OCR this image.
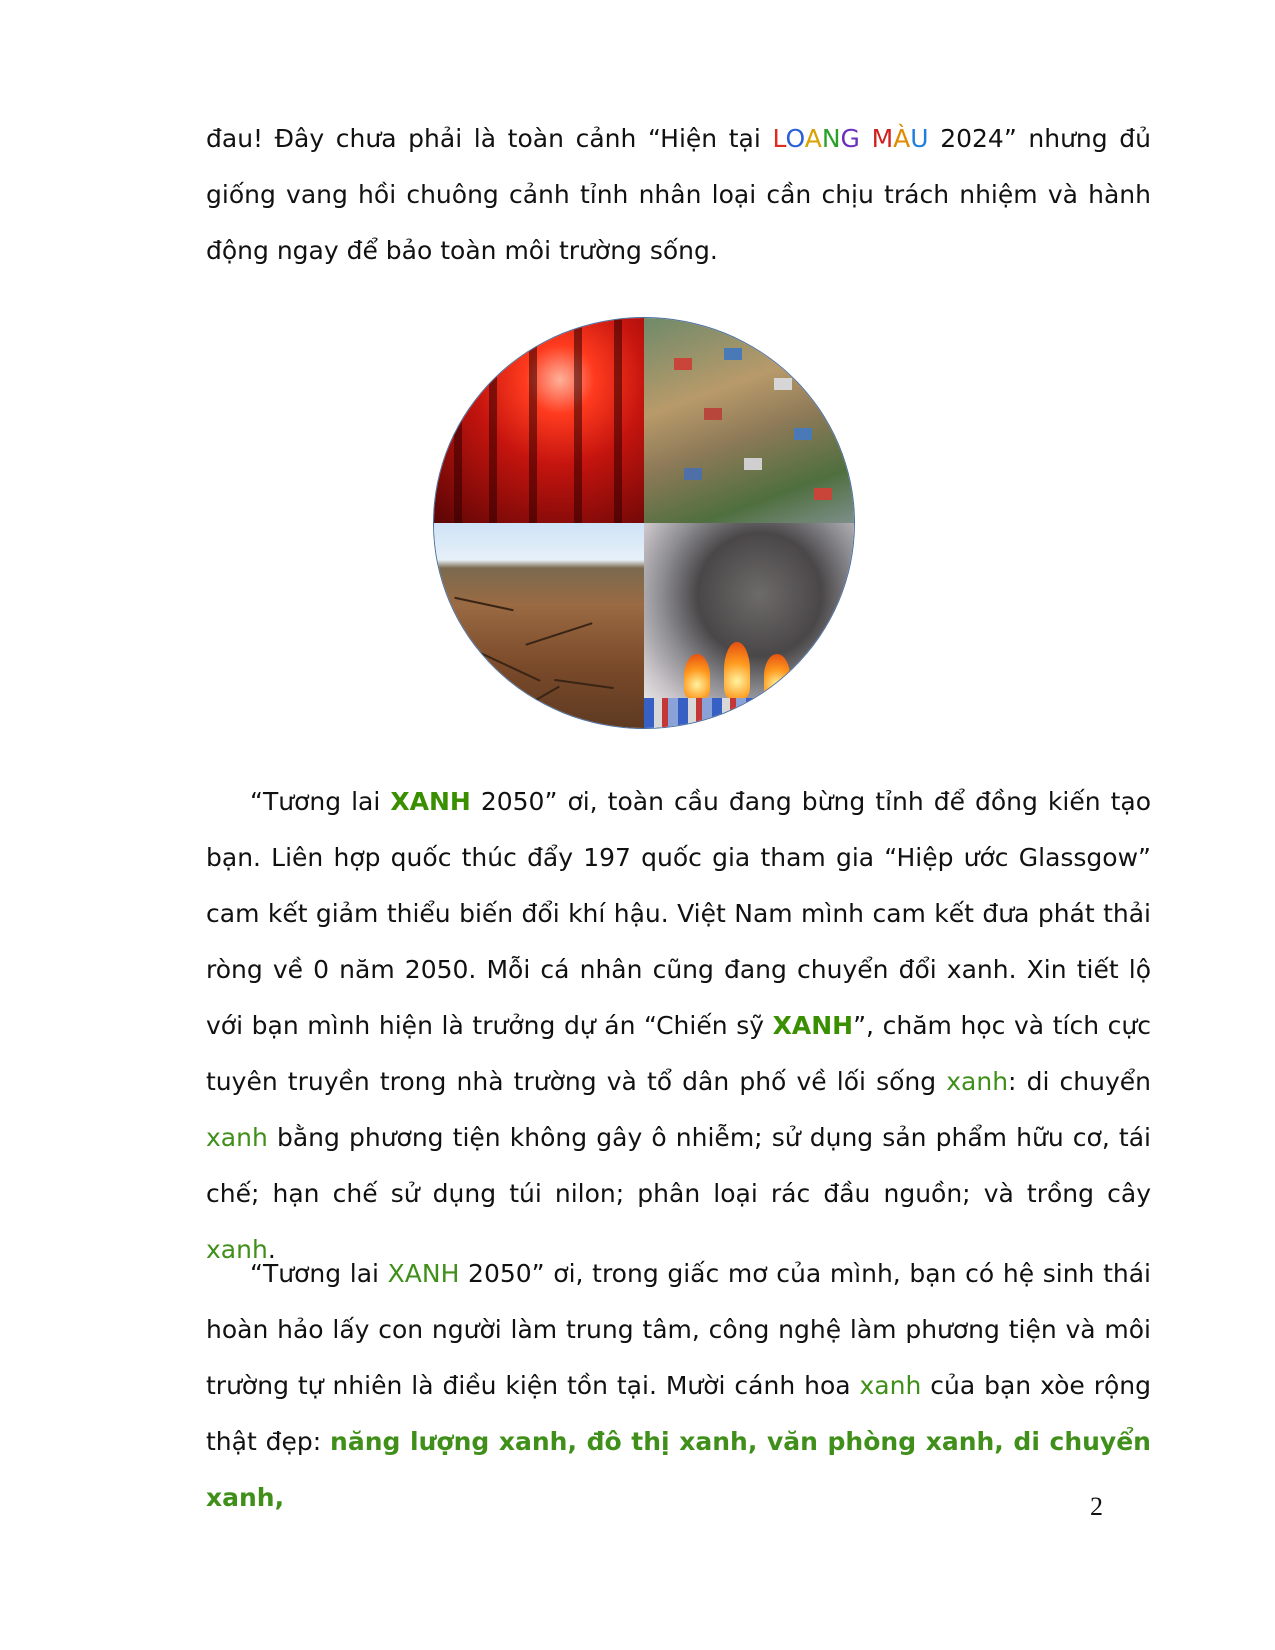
đau! Đây chưa phải là toàn cảnh “Hiện tại LOANG MÀU 2024” nhưng đủ giống vang hồi chuông cảnh tỉnh nhân loại cần chịu trách nhiệm và hành động ngay để bảo toàn môi trường sống.

“Tương lai XANH 2050” ơi, toàn cầu đang bừng tỉnh để đồng kiến tạo bạn. Liên hợp quốc thúc đẩy 197 quốc gia tham gia “Hiệp ước Glassgow” cam kết giảm thiểu biến đổi khí hậu. Việt Nam mình cam kết đưa phát thải ròng về 0 năm 2050. Mỗi cá nhân cũng đang chuyển đổi xanh. Xin tiết lộ với bạn mình hiện là trưởng dự án “Chiến sỹ XANH”, chăm học và tích cực tuyên truyền trong nhà trường và tổ dân phố về lối sống xanh: di chuyển xanh bằng phương tiện không gây ô nhiễm; sử dụng sản phẩm hữu cơ, tái chế; hạn chế sử dụng túi nilon; phân loại rác đầu nguồn; và trồng cây xanh.

“Tương lai XANH 2050” ơi, trong giấc mơ của mình, bạn có hệ sinh thái hoàn hảo lấy con người làm trung tâm, công nghệ làm phương tiện và môi trường tự nhiên là điều kiện tồn tại. Mười cánh hoa xanh của bạn xòe rộng thật đẹp: năng lượng xanh, đô thị xanh, văn phòng xanh, di chuyển xanh,	2
